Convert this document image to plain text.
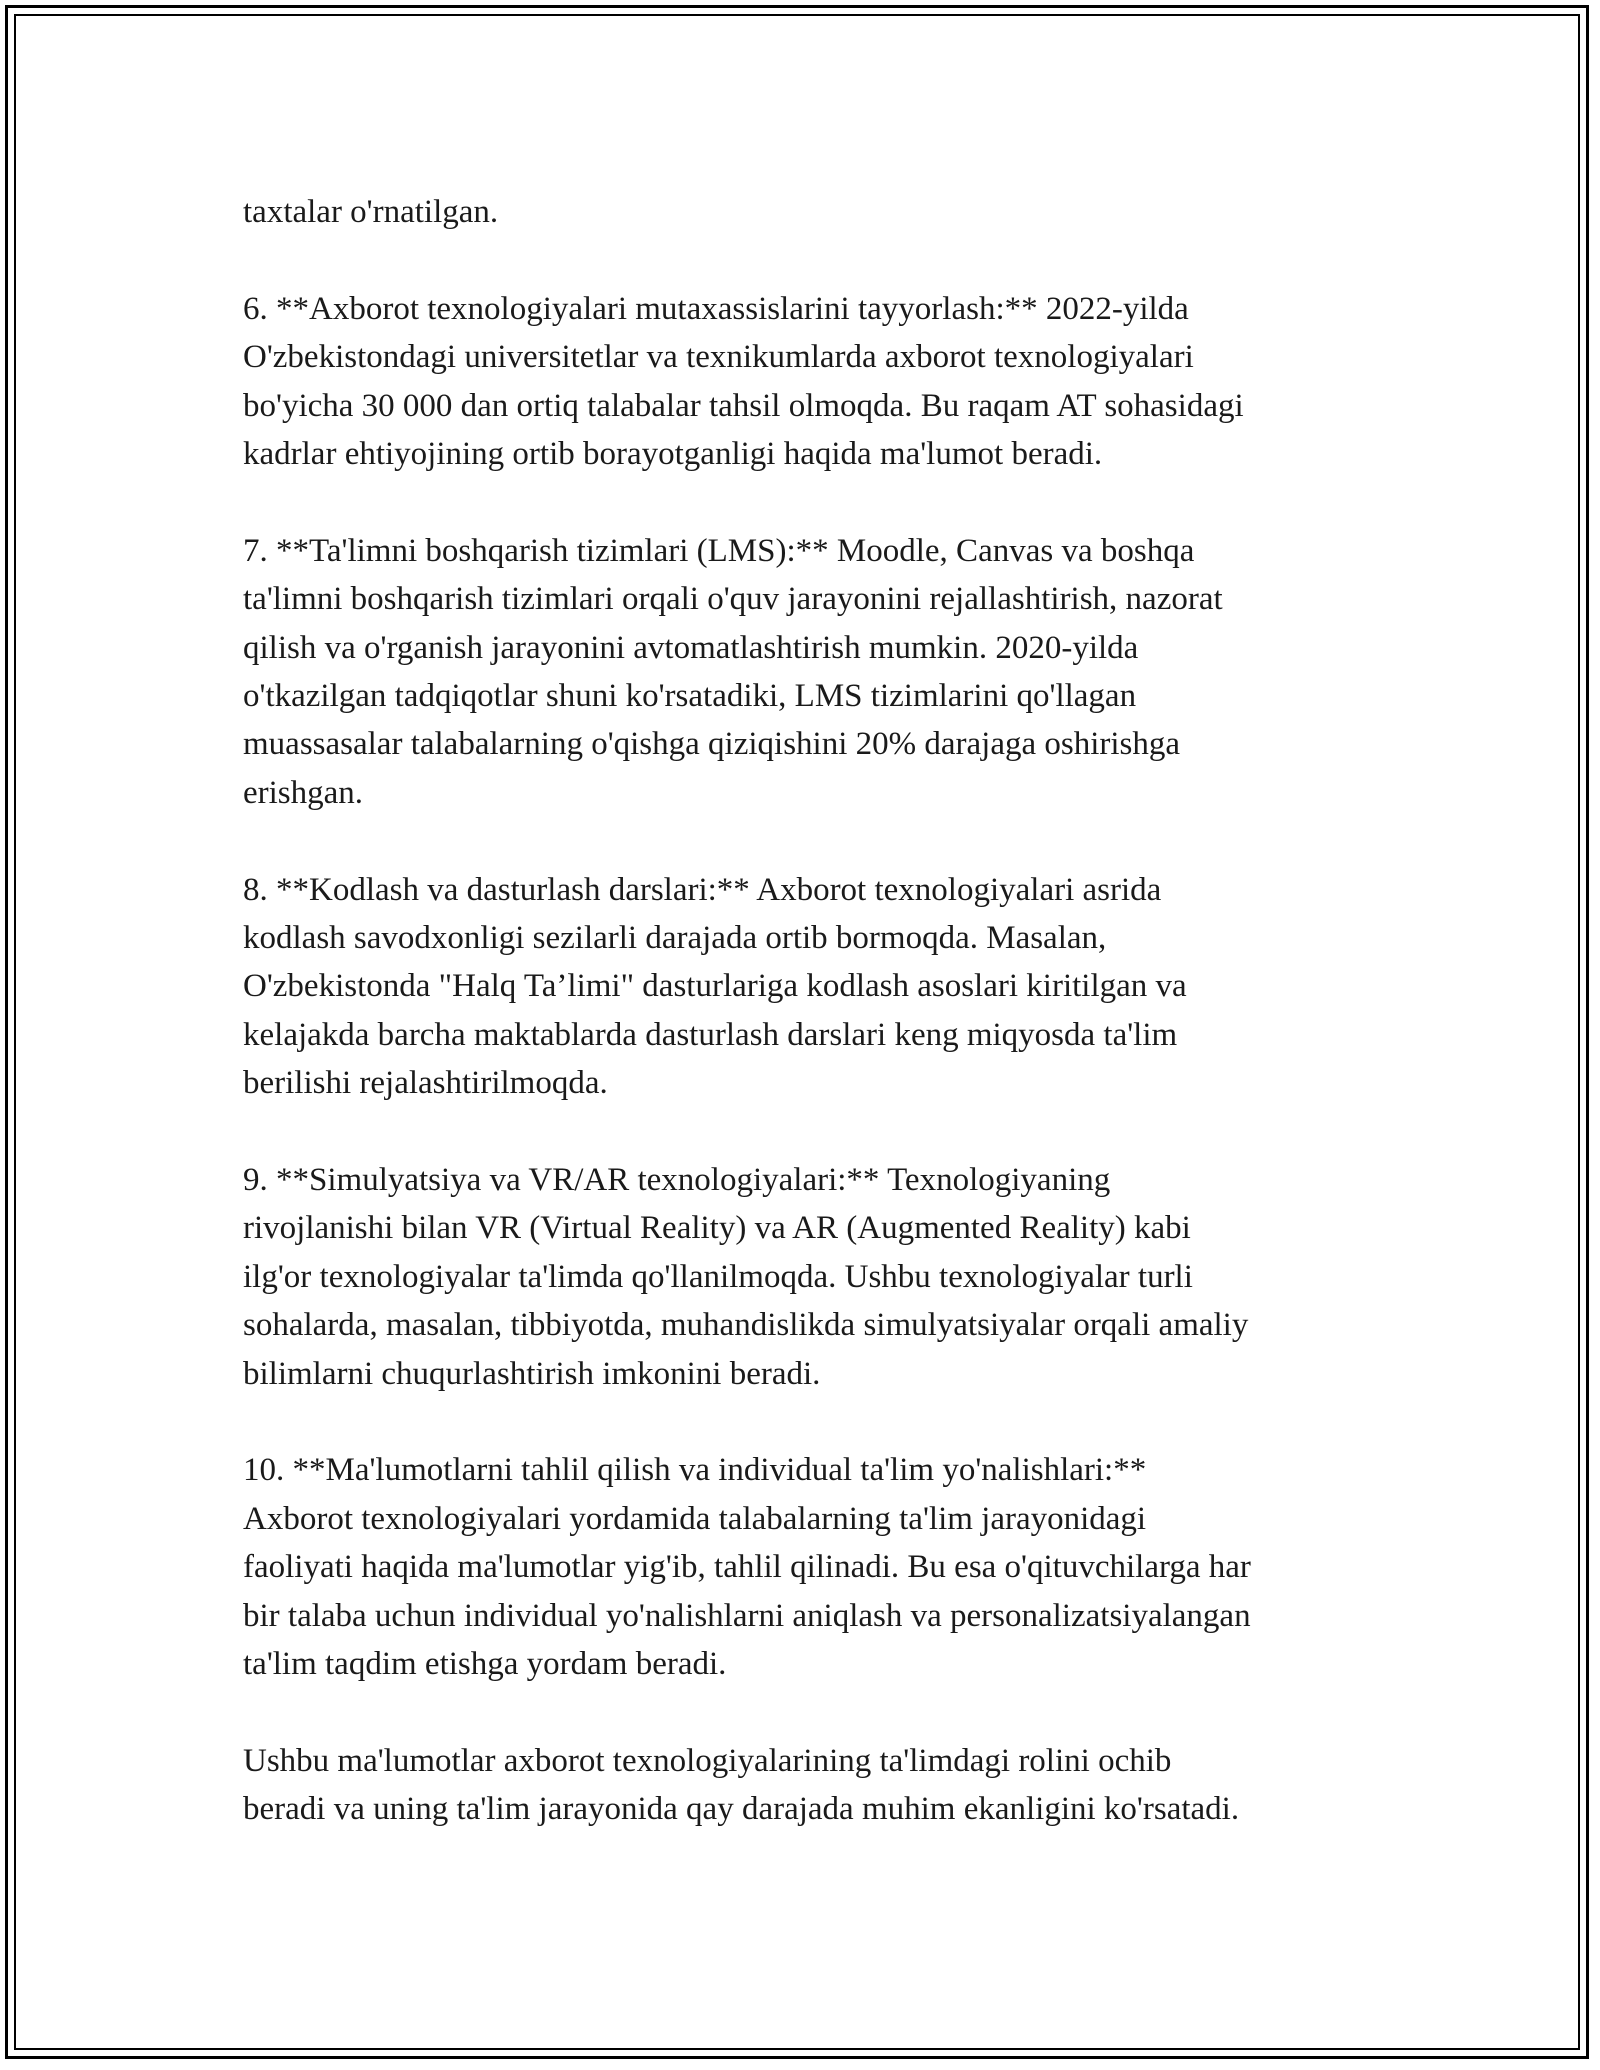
taxtalar o'rnatilgan.

6. **Axborot texnologiyalari mutaxassislarini tayyorlash:** 2022-yilda
O'zbekistondagi universitetlar va texnikumlarda axborot texnologiyalari
bo'yicha 30 000 dan ortiq talabalar tahsil olmoqda. Bu raqam AT sohasidagi
kadrlar ehtiyojining ortib borayotganligi haqida ma'lumot beradi.

7. **Ta'limni boshqarish tizimlari (LMS):** Moodle, Canvas va boshqa
ta'limni boshqarish tizimlari orqali o'quv jarayonini rejallashtirish, nazorat
qilish va o'rganish jarayonini avtomatlashtirish mumkin. 2020-yilda
o'tkazilgan tadqiqotlar shuni ko'rsatadiki, LMS tizimlarini qo'llagan
muassasalar talabalarning o'qishga qiziqishini 20% darajaga oshirishga
erishgan.

8. **Kodlash va dasturlash darslari:** Axborot texnologiyalari asrida
kodlash savodxonligi sezilarli darajada ortib bormoqda. Masalan,
O'zbekistonda "Halq Ta’limi" dasturlariga kodlash asoslari kiritilgan va
kelajakda barcha maktablarda dasturlash darslari keng miqyosda ta'lim
berilishi rejalashtirilmoqda.

9. **Simulyatsiya va VR/AR texnologiyalari:** Texnologiyaning
rivojlanishi bilan VR (Virtual Reality) va AR (Augmented Reality) kabi
ilg'or texnologiyalar ta'limda qo'llanilmoqda. Ushbu texnologiyalar turli
sohalarda, masalan, tibbiyotda, muhandislikda simulyatsiyalar orqali amaliy
bilimlarni chuqurlashtirish imkonini beradi.

10. **Ma'lumotlarni tahlil qilish va individual ta'lim yo'nalishlari:**
Axborot texnologiyalari yordamida talabalarning ta'lim jarayonidagi
faoliyati haqida ma'lumotlar yig'ib, tahlil qilinadi. Bu esa o'qituvchilarga har
bir talaba uchun individual yo'nalishlarni aniqlash va personalizatsiyalangan
ta'lim taqdim etishga yordam beradi.

Ushbu ma'lumotlar axborot texnologiyalarining ta'limdagi rolini ochib
beradi va uning ta'lim jarayonida qay darajada muhim ekanligini ko'rsatadi.
